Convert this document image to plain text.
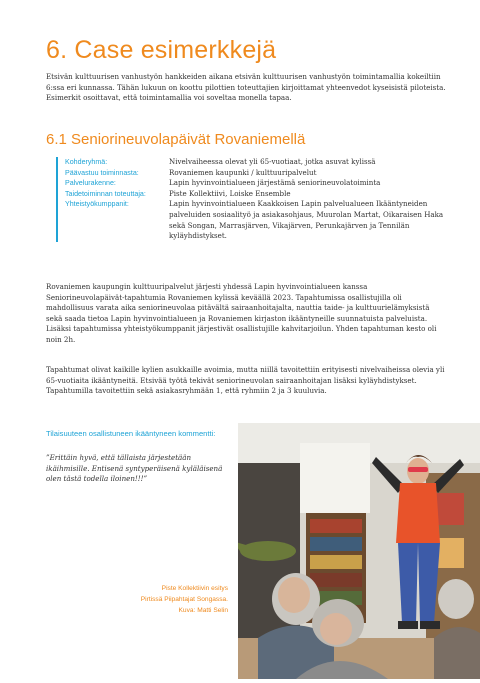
6. Case esimerkkejä
Etsivän kulttuurisen vanhustyön hankkeiden aikana etsivän kulttuurisen vanhustyön toimintamallia kokeiltiin 6:ssa eri kunnassa. Tähän lukuun on koottu pilottien toteuttajien kirjoittamat yhteenvedot kyseisistä piloteista. Esimerkit osoittavat, että toimintamallia voi soveltaa monella tapaa.
6.1 Seniorineuvolapäivät Rovaniemellä
Kohderyhmä:	Nivelvaiheessa olevat yli 65-vuotiaat, jotka asuvat kylissä
Päävastuu toiminnasta:	Rovaniemen kaupunki / kulttuuripalvelut
Palvelurakenne:	Lapin hyvinvointialueen järjestämä seniorineuvolatoiminta
Taidetoiminnan toteuttaja:	Piste Kollektiivi, Loiske Ensemble
Yhteistyökumppanit:	Lapin hyvinvointialueen Kaakkoisen Lapin palvelualueen Ikääntyneiden palveluiden sosiaalityö ja asiakasohjaus, Muurolan Martat, Oikaraisen Haka sekä Songan, Marrasjärven, Vikajärven, Perunkajärven ja Tennilän kyläyhdistykset.

Rovaniemen kaupungin kulttuuripalvelut järjesti yhdessä Lapin hyvinvointialueen kanssa Seniorineuvolapäivät-tapahtumia Rovaniemen kylissä keväällä 2023. Tapahtumissa osallistujilla oli mahdollisuus varata aika seniorineuvolaa pitävältä sairaanhoitajalta, nauttia taide- ja kulttuurielämyksistä sekä saada tietoa Lapin hyvinvointialueen ja Rovaniemen kirjaston ikääntyneille suunnatuista palveluista. Lisäksi tapahtumissa yhteistyökumppanit järjestivät osallistujille kahvitarjoilun. Yhden tapahtuman kesto oli noin 2h.

Tapahtumat olivat kaikille kylien asukkaille avoimia, mutta niillä tavoitettiin erityisesti nivelvaiheissa olevia yli 65-vuotiaita ikääntyneitä. Etsivää työtä tekivät seniorineuvolan sairaanhoitajan lisäksi kyläyhdistykset. Tapahtumilla tavoitettiin sekä asiakasryhmään 1, että ryhmiin 2 ja 3 kuuluvia.

Tilaisuuteen osallistuneen ikääntyneen kommentti:
”Erittäin hyvä, että tällaista järjestetään ikäihmisille. Entisenä syntyperäisenä kyläläisenä olen tästä todella iloinen!!!”
Piste Kollektiivin esitys
Pirtissä Piipahtajat Songassa.
Kuva: Matti Selin
